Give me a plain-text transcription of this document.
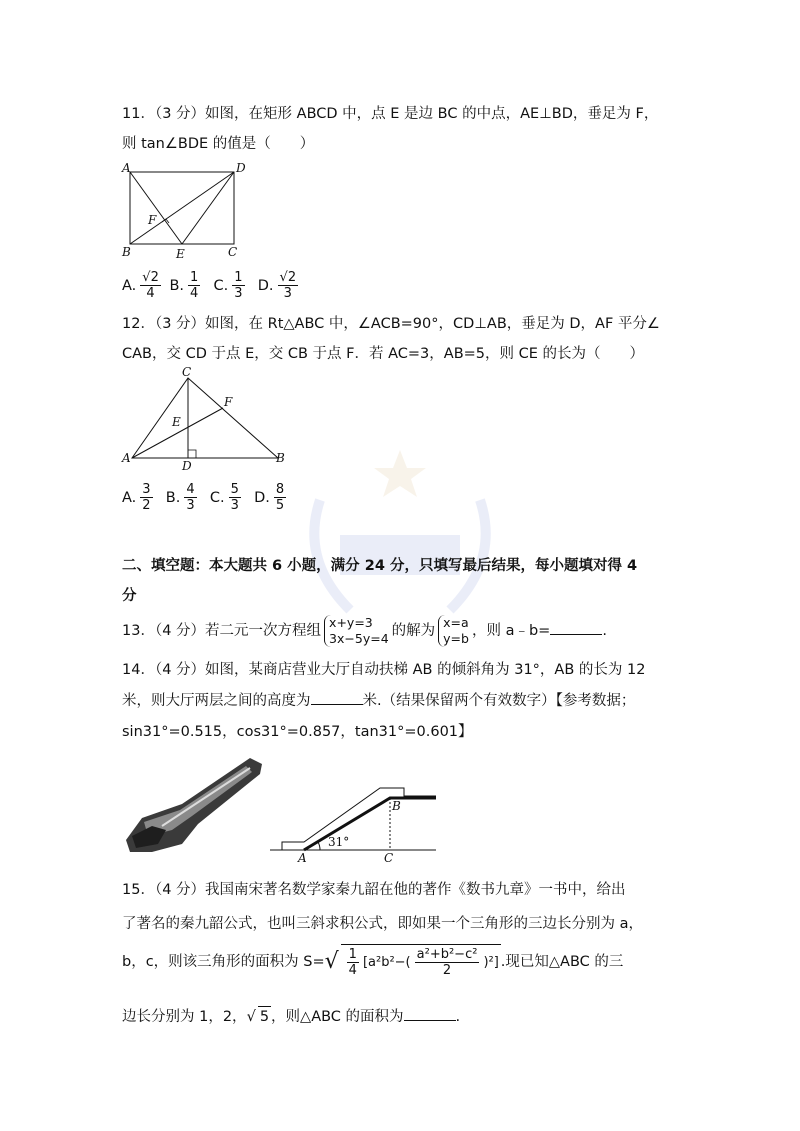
11．（3 分）如图，在矩形 ABCD 中，点 E 是边 BC 的中点，AE⊥BD，垂足为 F，
则 tan∠BDE 的值是（　　）
A	D
B	C
E
F
A. $\frac{√2}{4} B$. $\frac{1}{4} C$. $\frac{1}{3} D$. $\frac{√2}{3}$
12．（3 分）如图，在 Rt△ABC 中，∠ACB=90°，CD⊥AB，垂足为 D，AF 平分∠
CAB，交 CD 于点 E，交 CB 于点 F．若 AC=3，AB=5，则 CE 的长为（　　）
C
A	B
D
E
F
A. $\frac{3}{2} B$. $\frac{4}{3} C$. $\frac{5}{3} D$. $\frac{8}{5}$
二、填空题：本大题共 6 小题，满分 24 分，只填写最后结果，每小题填对得 4
分
13．（4 分）若二元一次方程组
x+y=3
3x−5y=4 的解为
x=a
y=b ，则 a﹣b=	.
14．（4 分）如图，某商店营业大厅自动扶梯 AB 的倾斜角为 31°，AB 的长为 12
米，则大厅两层之间的高度为	米.（结果保留两个有效数字）【参考数据；
sin31°=0.515，cos31°=0.857，tan31°=0.601】
B
A	C
31°
15．（4 分）我国南宋著名数学家秦九韶在他的著作《数书九章》一书中，给出
了著名的秦九韶公式，也叫三斜求积公式，即如果一个三角形的三边长分别为 a，
b，c，则该三角形的面积为 $S=√ \frac{1}{4} [a^2b^2-( \frac{\text{a²+b²−c²}}{2} )^2]$ .现已知△ABC 的三
边长分别为 1，2，√ 5 ，则△ABC 的面积为	.
